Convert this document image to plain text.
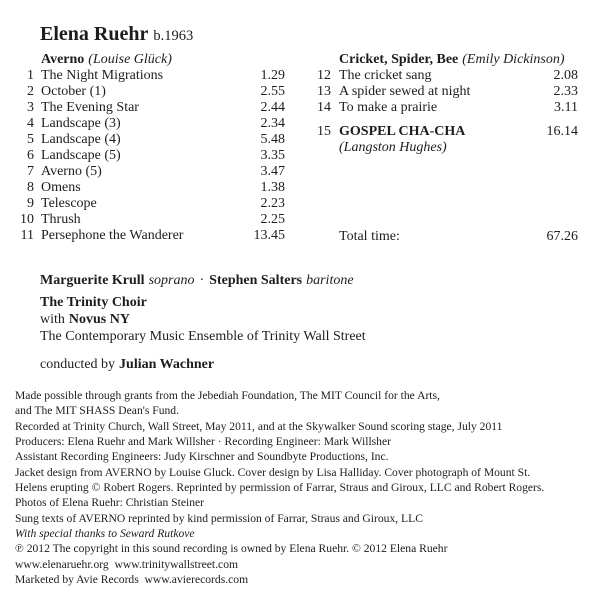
Elena Ruehr b.1963
Averno (Louise Glück)
1 The Night Migrations	1.29
2 October (1)	2.55
3 The Evening Star	2.44
4 Landscape (3)	2.34
5 Landscape (4)	5.48
6 Landscape (5)	3.35
7 Averno (5)	3.47
8 Omens	1.38
9 Telescope	2.23
10 Thrush	2.25
11 Persephone the Wanderer	13.45
Cricket, Spider, Bee (Emily Dickinson)
12 The cricket sang	2.08
13 A spider sewed at night	2.33
14 To make a prairie	3.11
15 GOSPEL CHA-CHA	16.14
(Langston Hughes)
Total time:	67.26
Marguerite Krull soprano · Stephen Salters baritone
The Trinity Choir
with Novus NY
The Contemporary Music Ensemble of Trinity Wall Street
conducted by Julian Wachner
Made possible through grants from the Jebediah Foundation, The MIT Council for the Arts,
and The MIT SHASS Dean's Fund.
Recorded at Trinity Church, Wall Street, May 2011, and at the Skywalker Sound scoring stage, July 2011
Producers: Elena Ruehr and Mark Willsher · Recording Engineer: Mark Willsher
Assistant Recording Engineers: Judy Kirschner and Soundbyte Productions, Inc.
Jacket design from AVERNO by Louise Gluck. Cover design by Lisa Halliday. Cover photograph of Mount St.
Helens erupting © Robert Rogers. Reprinted by permission of Farrar, Straus and Giroux, LLC and Robert Rogers.
Photos of Elena Ruehr: Christian Steiner
Sung texts of AVERNO reprinted by kind permission of Farrar, Straus and Giroux, LLC
With special thanks to Seward Rutkove
℗ 2012 The copyright in this sound recording is owned by Elena Ruehr. © 2012 Elena Ruehr
www.elenaruehr.org  www.trinitywallstreet.com
Marketed by Avie Records  www.avierecords.com
